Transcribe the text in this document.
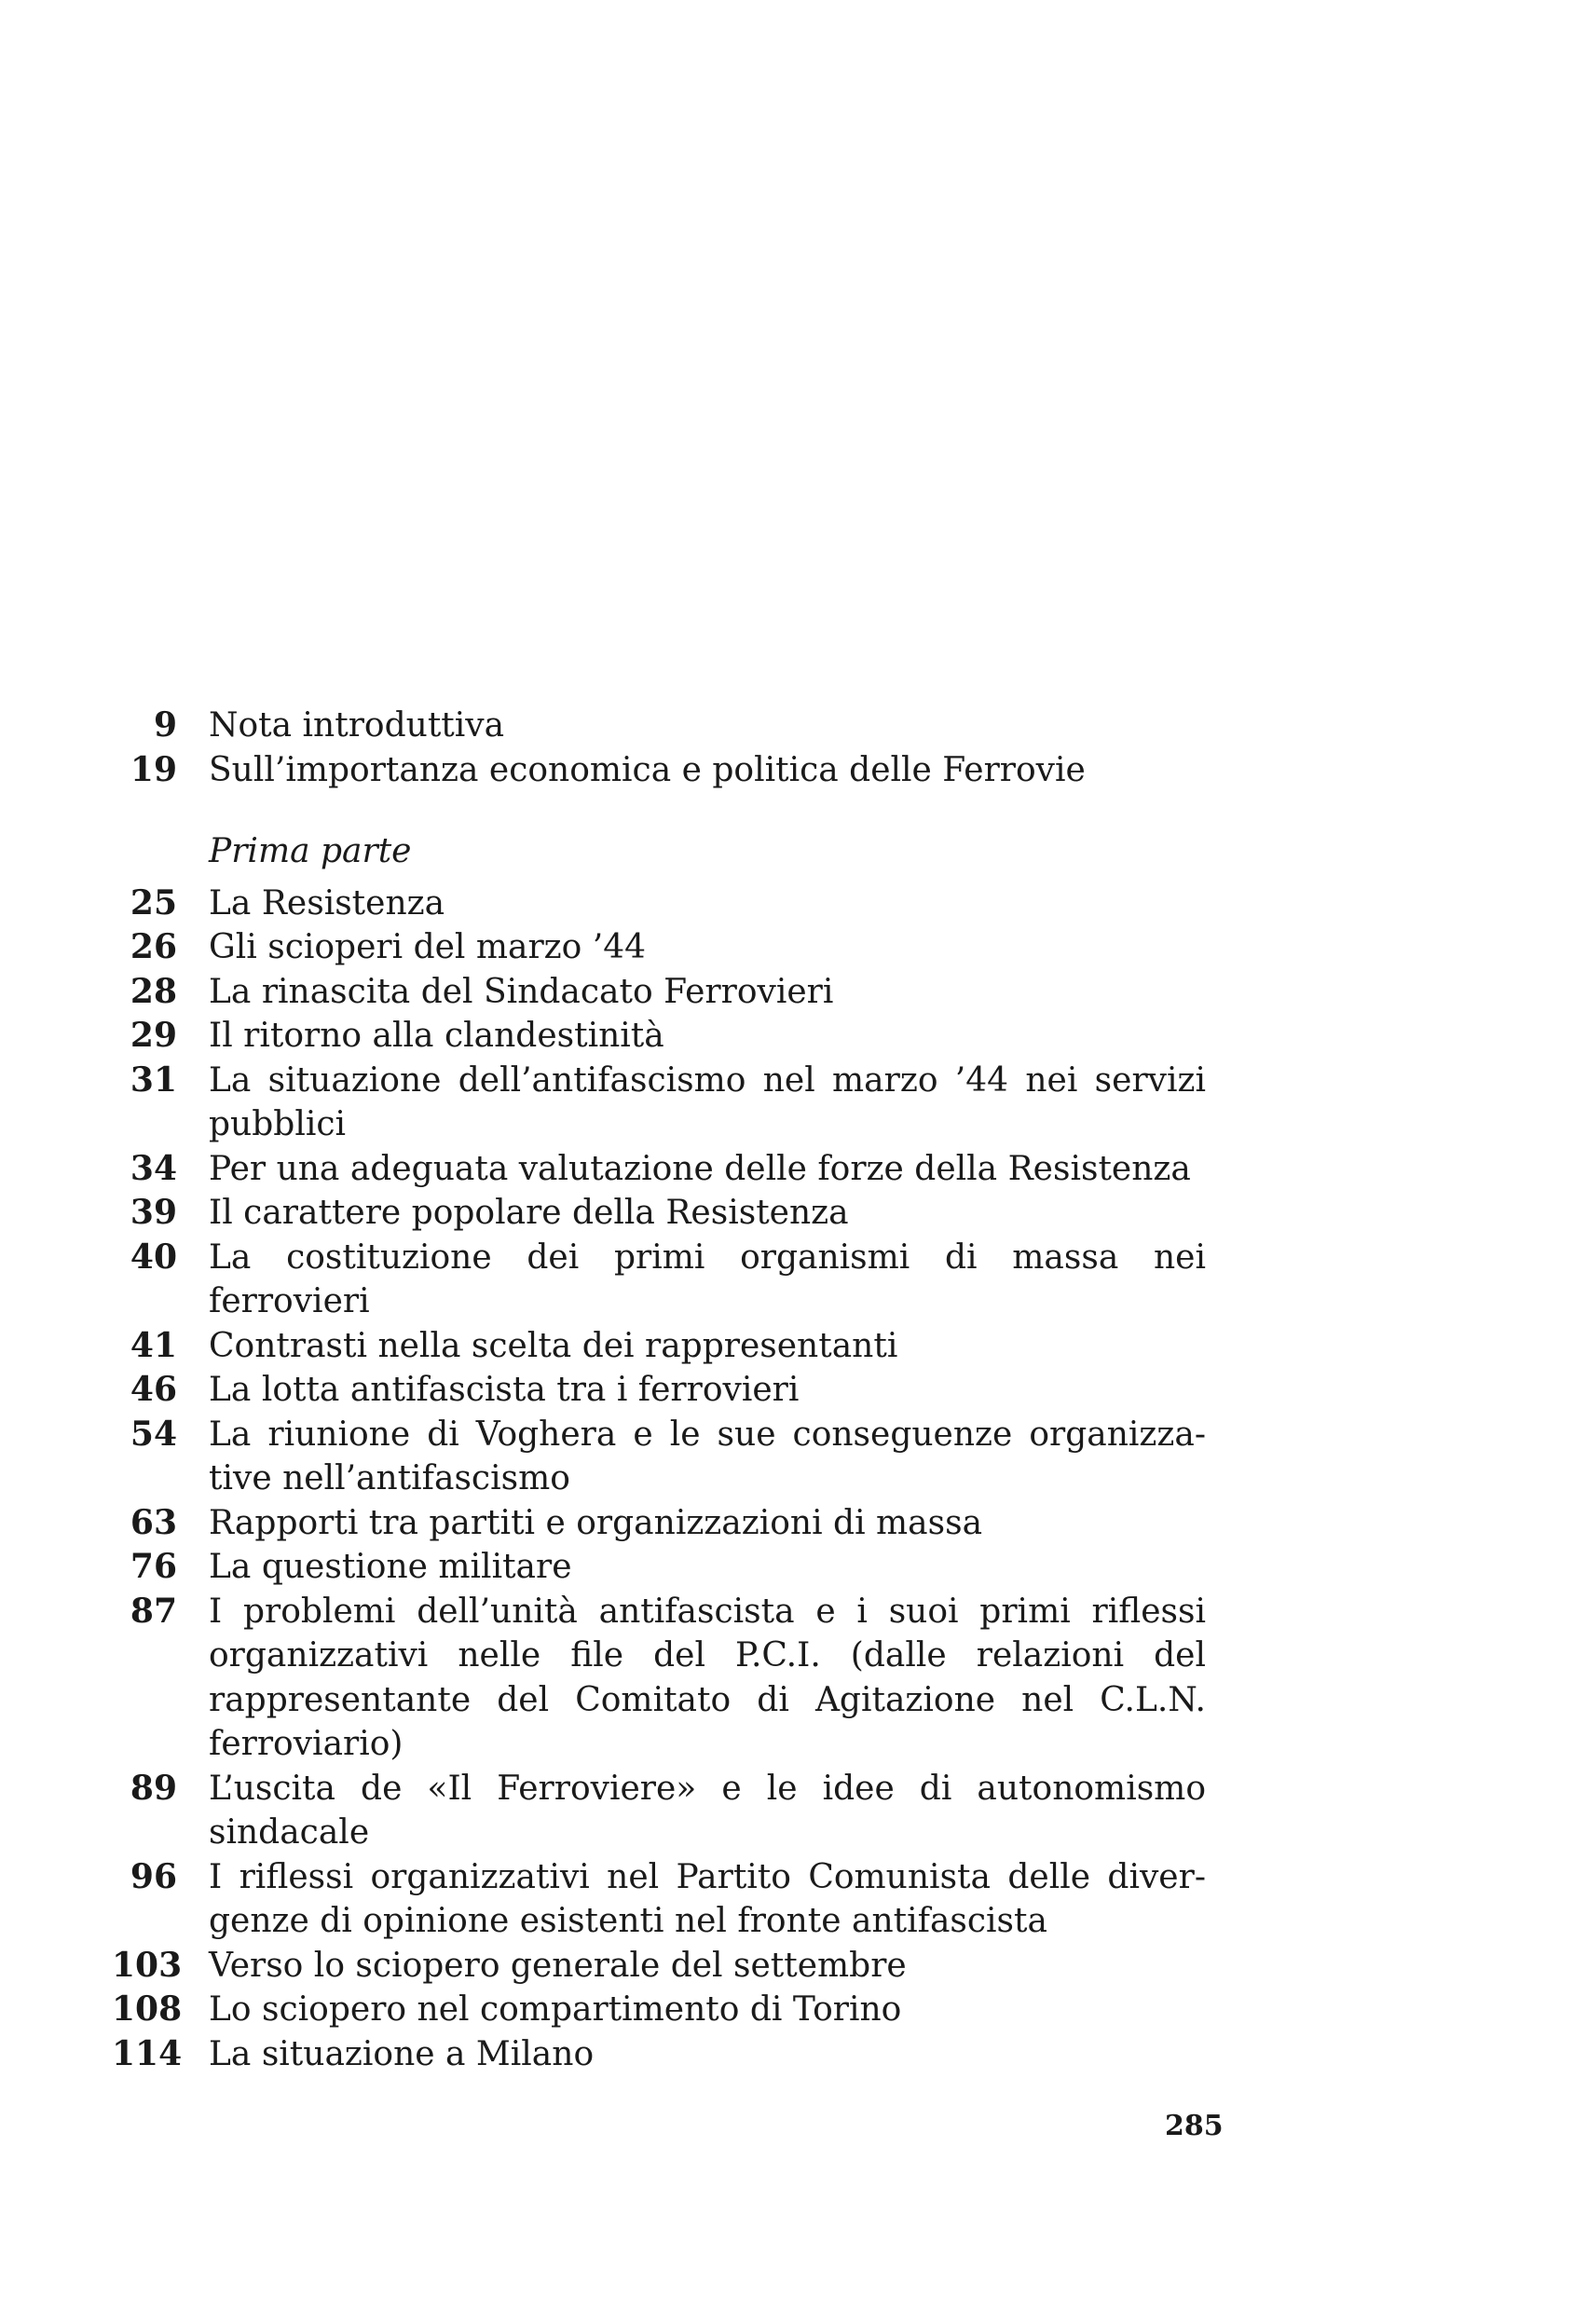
9 Nota introduttiva
19 Sull’importanza economica e politica delle Ferrovie
Prima parte
25 La Resistenza
26 Gli scioperi del marzo ’44
28 La rinascita del Sindacato Ferrovieri
29 Il ritorno alla clandestinità
31 La situazione dell’antifascismo nel marzo ’44 nei servizi pubblici
34 Per una adeguata valutazione delle forze della Resistenza
39 Il carattere popolare della Resistenza
40 La costituzione dei primi organismi di massa nei ferrovieri
41 Contrasti nella scelta dei rappresentanti
46 La lotta antifascista tra i ferrovieri
54 La riunione di Voghera e le sue conseguenze organizzative nell’antifascismo
63 Rapporti tra partiti e organizzazioni di massa
76 La questione militare
87 I problemi dell’unità antifascista e i suoi primi riflessi organizzativi nelle file del P.C.I. (dalle relazioni del rappresentante del Comitato di Agitazione nel C.L.N. ferroviario)
89 L’uscita de «Il Ferroviere» e le idee di autonomismo sindacale
96 I riflessi organizzativi nel Partito Comunista delle divergenze di opinione esistenti nel fronte antifascista
103 Verso lo sciopero generale del settembre
108 Lo sciopero nel compartimento di Torino
114 La situazione a Milano
285
